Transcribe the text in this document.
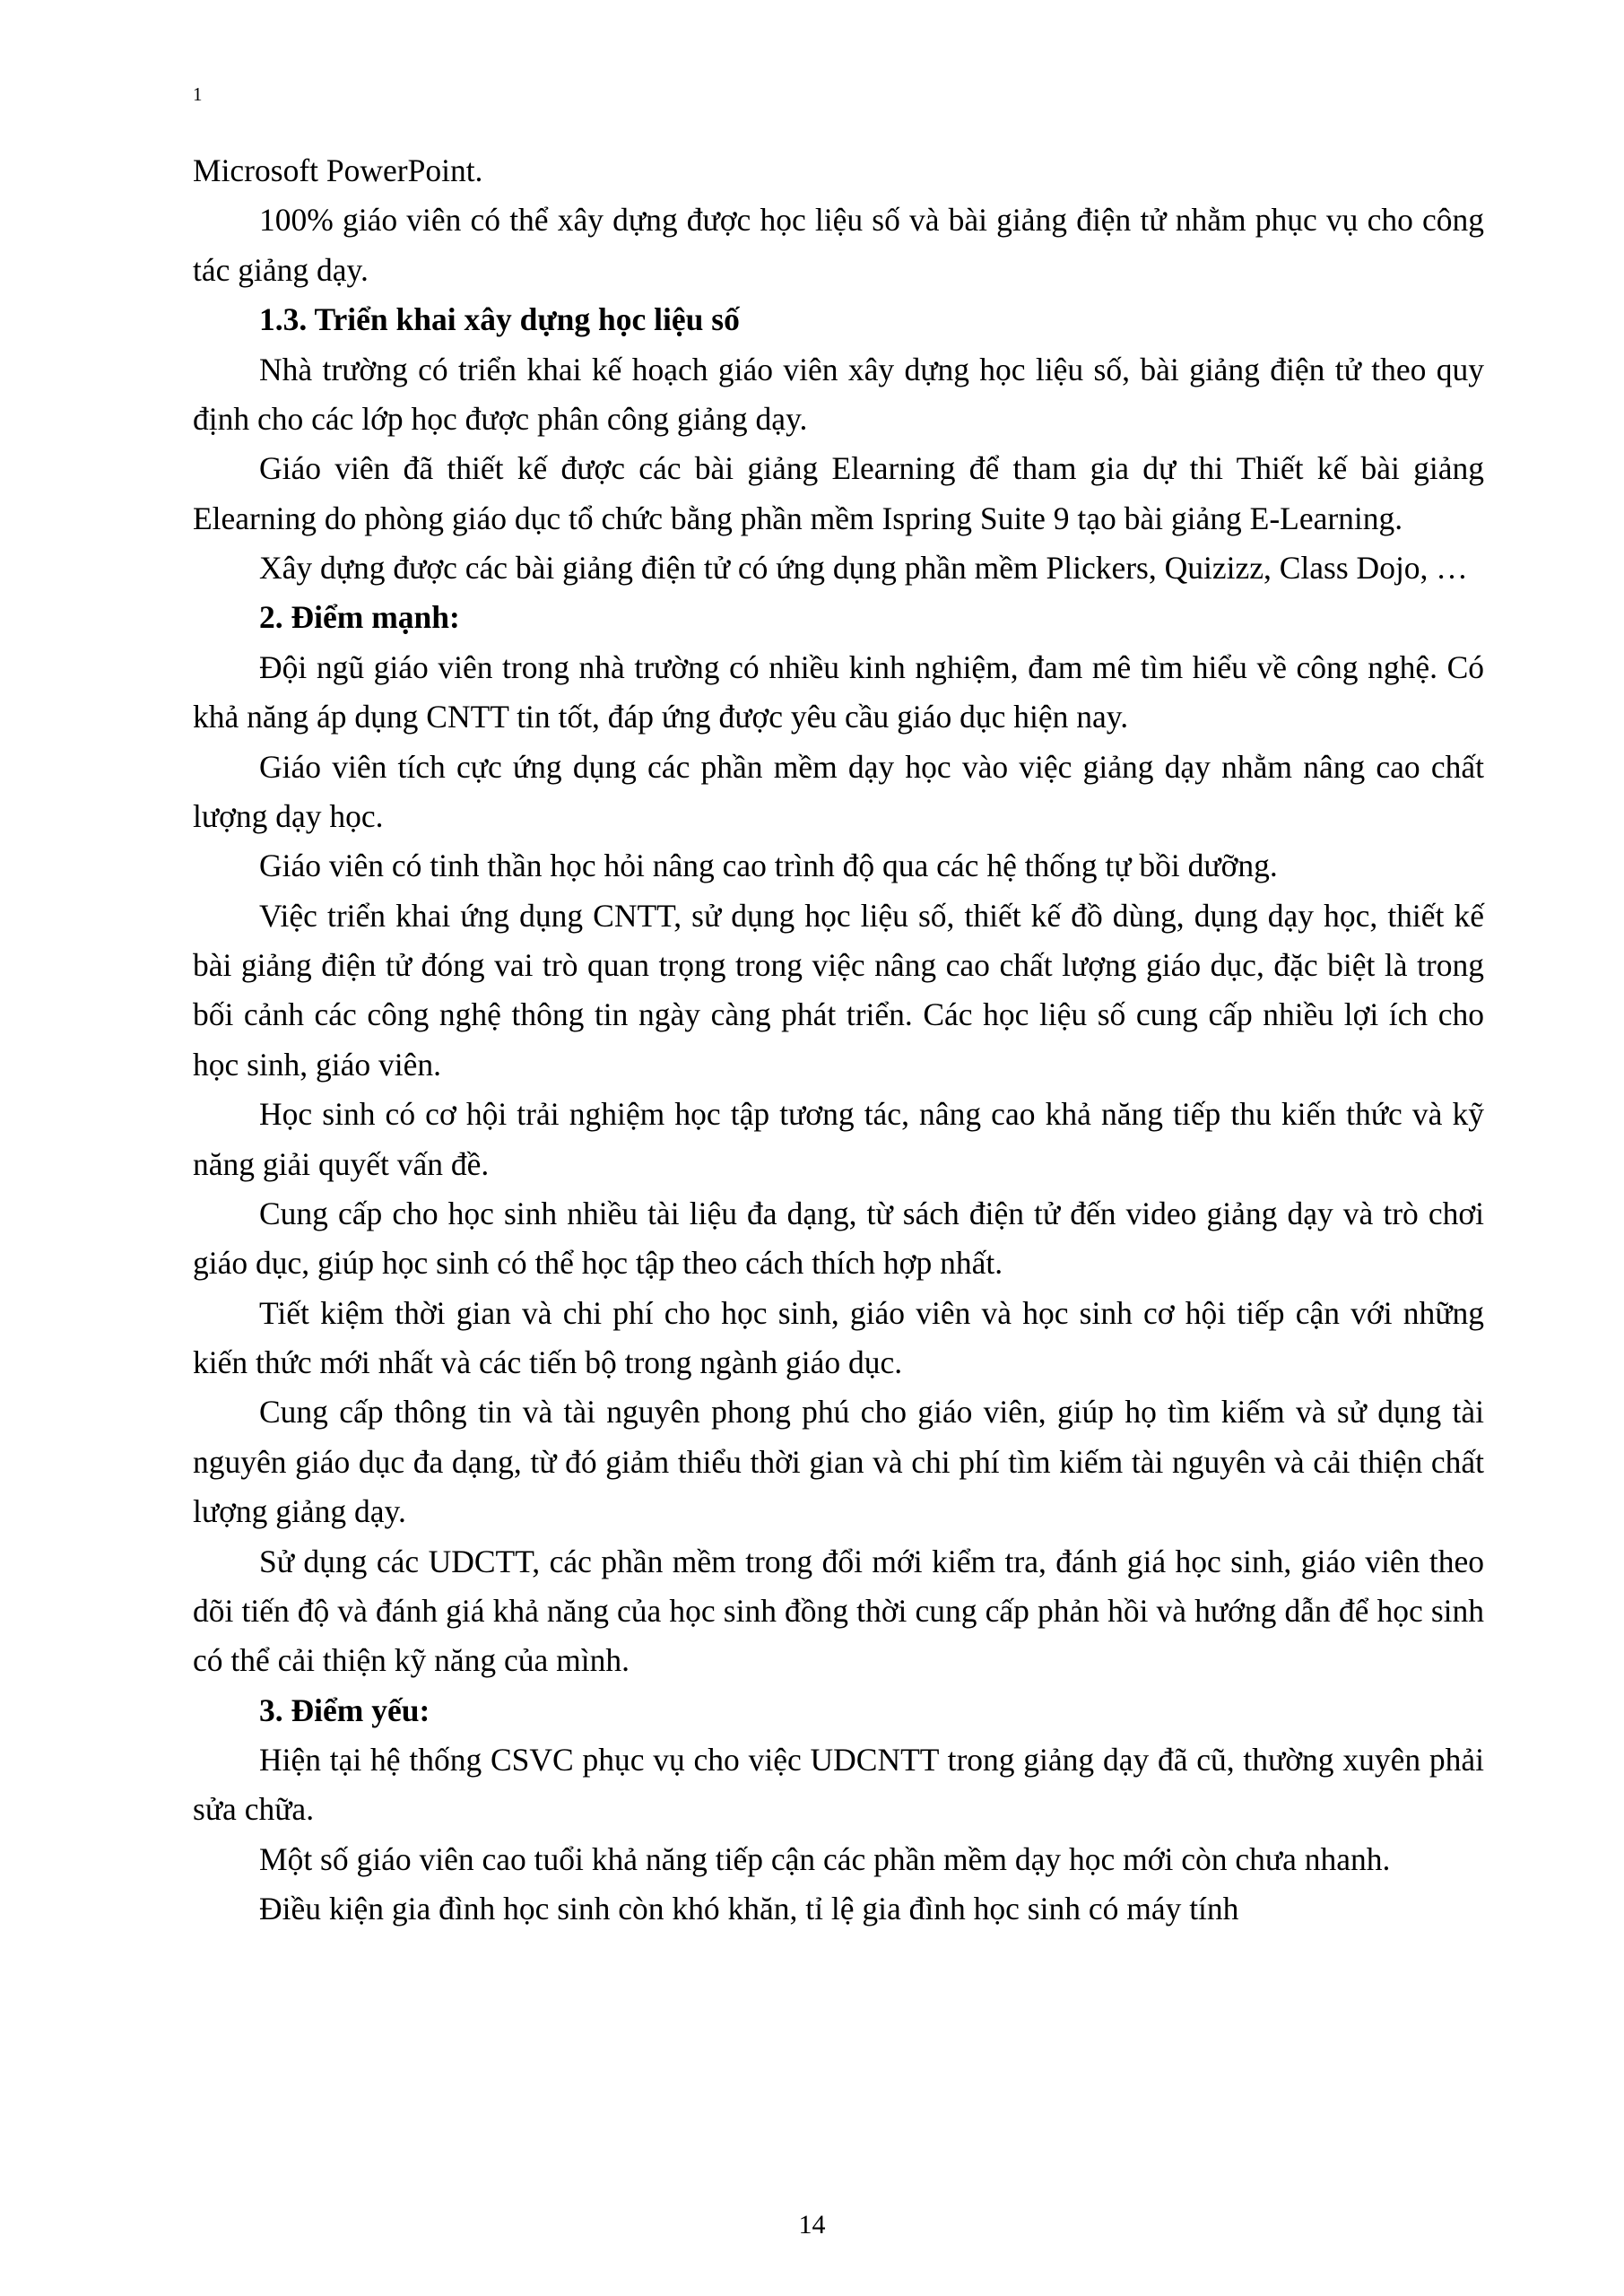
1

Microsoft PowerPoint.

100% giáo viên có thể xây dựng được học liệu số và bài giảng điện tử nhằm phục vụ cho công tác giảng dạy.

1.3. Triển khai xây dựng học liệu số

Nhà trường có triển khai kế hoạch giáo viên xây dựng học liệu số, bài giảng điện tử theo quy định cho các lớp học được phân công giảng dạy.

Giáo viên đã thiết kế được các bài giảng Elearning để tham gia dự thi Thiết kế bài giảng Elearning do phòng giáo dục tổ chức bằng phần mềm Ispring Suite 9 tạo bài giảng E-Learning.

Xây dựng được các bài giảng điện tử có ứng dụng phần mềm Plickers, Quizizz, Class Dojo, …

2. Điểm mạnh:

Đội ngũ giáo viên trong nhà trường có nhiều kinh nghiệm, đam mê tìm hiểu về công nghệ. Có khả năng áp dụng CNTT tin tốt, đáp ứng được yêu cầu giáo dục hiện nay.

Giáo viên tích cực ứng dụng các phần mềm dạy học vào việc giảng dạy nhằm nâng cao chất lượng dạy học.

Giáo viên có tinh thần học hỏi nâng cao trình độ qua các hệ thống tự bồi dưỡng.

Việc triển khai ứng dụng CNTT, sử dụng học liệu số, thiết kế đồ dùng, dụng dạy học, thiết kế bài giảng điện tử đóng vai trò quan trọng trong việc nâng cao chất lượng giáo dục, đặc biệt là trong bối cảnh các công nghệ thông tin ngày càng phát triển. Các học liệu số cung cấp nhiều lợi ích cho học sinh, giáo viên.

Học sinh có cơ hội trải nghiệm học tập tương tác, nâng cao khả năng tiếp thu kiến thức và kỹ năng giải quyết vấn đề.

Cung cấp cho học sinh nhiều tài liệu đa dạng, từ sách điện tử đến video giảng dạy và trò chơi giáo dục, giúp học sinh có thể học tập theo cách thích hợp nhất.

Tiết kiệm thời gian và chi phí cho học sinh, giáo viên và học sinh cơ hội tiếp cận với những kiến thức mới nhất và các tiến bộ trong ngành giáo dục.

Cung cấp thông tin và tài nguyên phong phú cho giáo viên, giúp họ tìm kiếm và sử dụng tài nguyên giáo dục đa dạng, từ đó giảm thiểu thời gian và chi phí tìm kiếm tài nguyên và cải thiện chất lượng giảng dạy.

Sử dụng các UDCTT, các phần mềm trong đổi mới kiểm tra, đánh giá học sinh, giáo viên theo dõi tiến độ và đánh giá khả năng của học sinh đồng thời cung cấp phản hồi và hướng dẫn để học sinh có thể cải thiện kỹ năng của mình.

3. Điểm yếu:

Hiện tại hệ thống CSVC phục vụ cho việc UDCNTT trong giảng dạy đã cũ, thường xuyên phải sửa chữa.

Một số giáo viên cao tuổi khả năng tiếp cận các phần mềm dạy học mới còn chưa nhanh.

Điều kiện gia đình học sinh còn khó khăn, tỉ lệ gia đình học sinh có máy tính

14
